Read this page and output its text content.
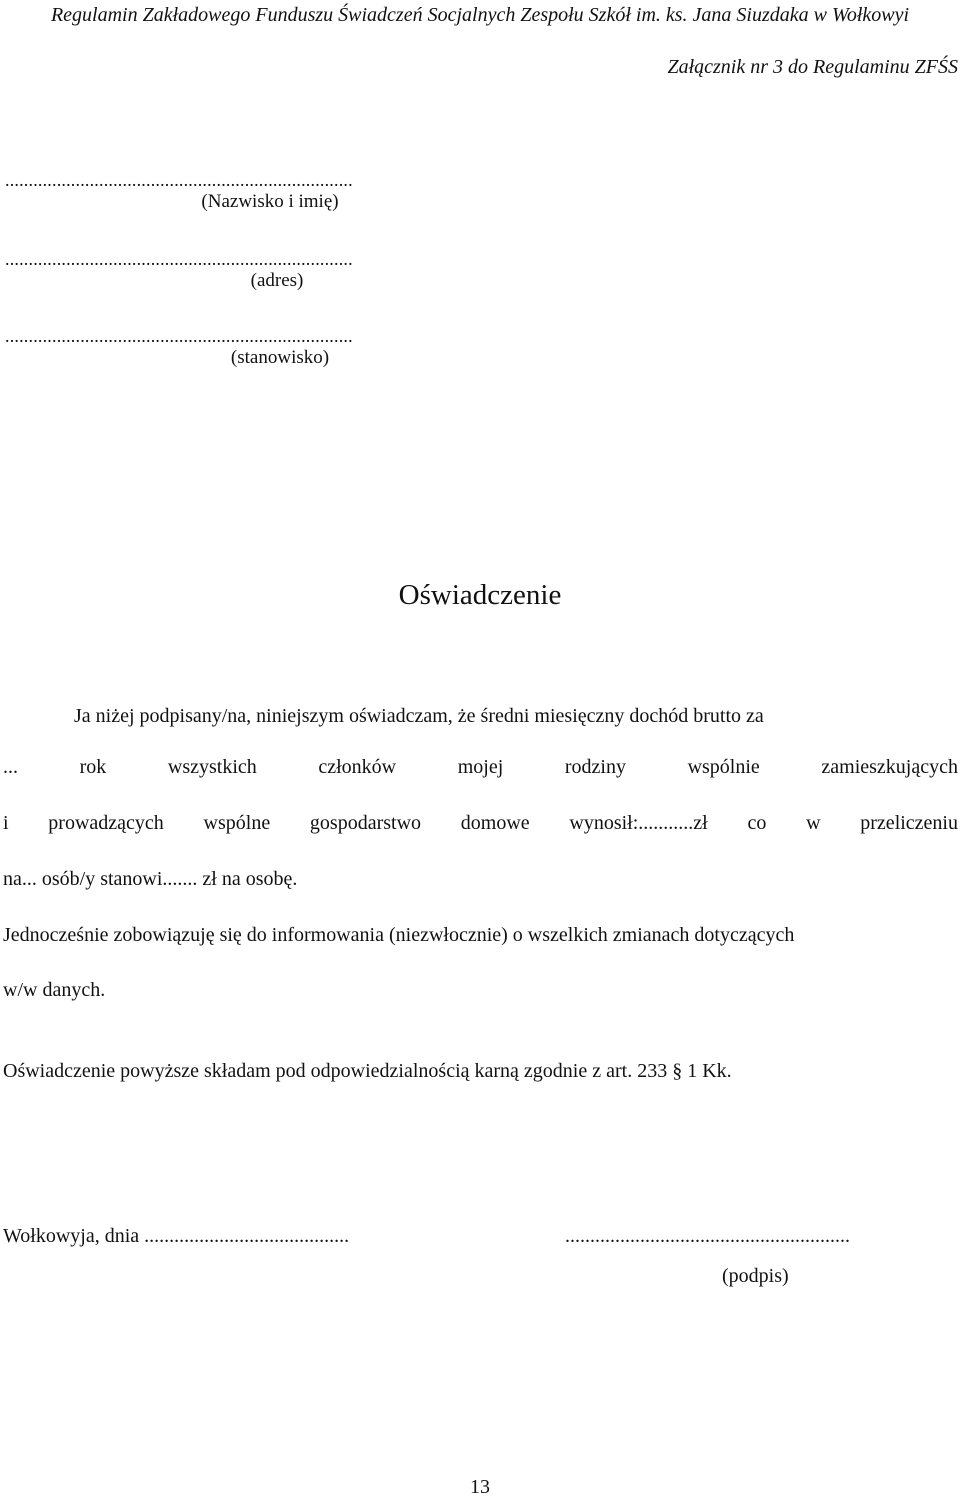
Regulamin Zakładowego Funduszu Świadczeń Socjalnych Zespołu Szkół im. ks. Jana Siuzdaka w Wołkowyi
Załącznik nr 3 do Regulaminu ZFŚS
..........................................................................
(Nazwisko i imię)
..........................................................................
(adres)
..........................................................................
(stanowisko)
Oświadczenie
Ja niżej podpisany/na, niniejszym oświadczam, że średni miesięczny dochód brutto za
... rok wszystkich członków mojej rodziny wspólnie zamieszkujących
i prowadzących wspólne gospodarstwo domowe wynosił:...........zł co w przeliczeniu
na... osób/y stanowi....... zł na osobę.
Jednocześnie zobowiązuję się do informowania (niezwłocznie) o wszelkich zmianach dotyczących
w/w danych.
Oświadczenie powyższe składam pod odpowiedzialnością karną zgodnie z art. 233 § 1 Kk.
Wołkowyja, dnia .........................................	.........................................................
(podpis)
13
